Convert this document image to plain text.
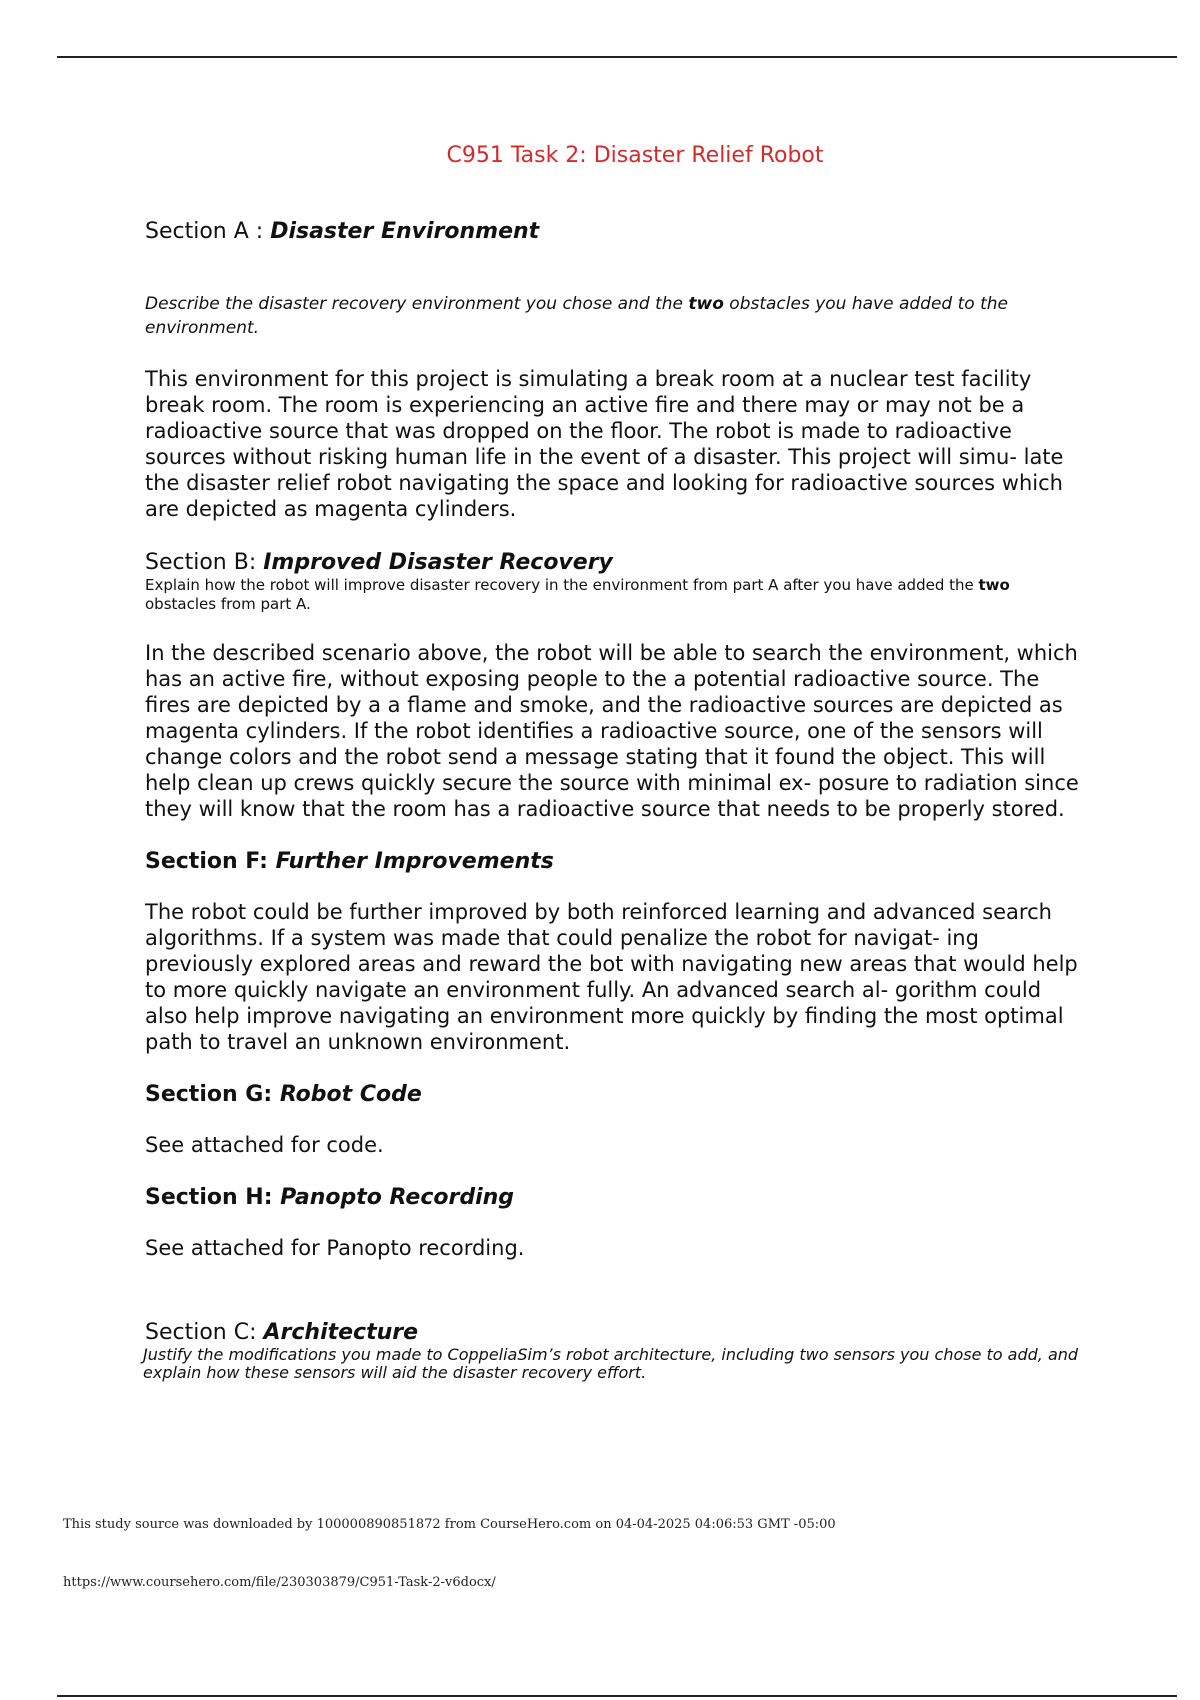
C951 Task 2: Disaster Relief Robot
Section A : Disaster Environment

Describe the disaster recovery environment you chose and the two obstacles you have added to the environment.

This environment for this project is simulating a break room at a nuclear test facility break room. The room is experiencing an active fire and there may or may not be a radioactive source that was dropped on the floor. The robot is made to radioactive sources without risking human life in the event of a disaster. This project will simu- late the disaster relief robot navigating the space and looking for radioactive sources which are depicted as magenta cylinders.

Section B: Improved Disaster Recovery

Explain how the robot will improve disaster recovery in the environment from part A after you have added the two
obstacles from part A.

In the described scenario above, the robot will be able to search the environment, which has an active fire, without exposing people to the a potential radioactive source. The fires are depicted by a a flame and smoke, and the radioactive sources are depicted as magenta cylinders. If the robot identifies a radioactive source, one of the sensors will change colors and the robot send a message stating that it found the object. This will help clean up crews quickly secure the source with minimal ex- posure to radiation since they will know that the room has a radioactive source that needs to be properly stored.

Section F: Further Improvements

The robot could be further improved by both reinforced learning and advanced search algorithms. If a system was made that could penalize the robot for navigat- ing previously explored areas and reward the bot with navigating new areas that would help to more quickly navigate an environment fully. An advanced search al- gorithm could also help improve navigating an environment more quickly by finding the most optimal path to travel an unknown environment.

Section G: Robot Code

See attached for code.

Section H: Panopto Recording

See attached for Panopto recording.

Section C: Architecture

Justify the modifications you made to CoppeliaSim’s robot architecture, including two sensors you chose to add, and explain how these sensors will aid the disaster recovery effort.

This study source was downloaded by 100000890851872 from CourseHero.com on 04-04-2025 04:06:53 GMT -05:00
https://www.coursehero.com/file/230303879/C951-Task-2-v6docx/
